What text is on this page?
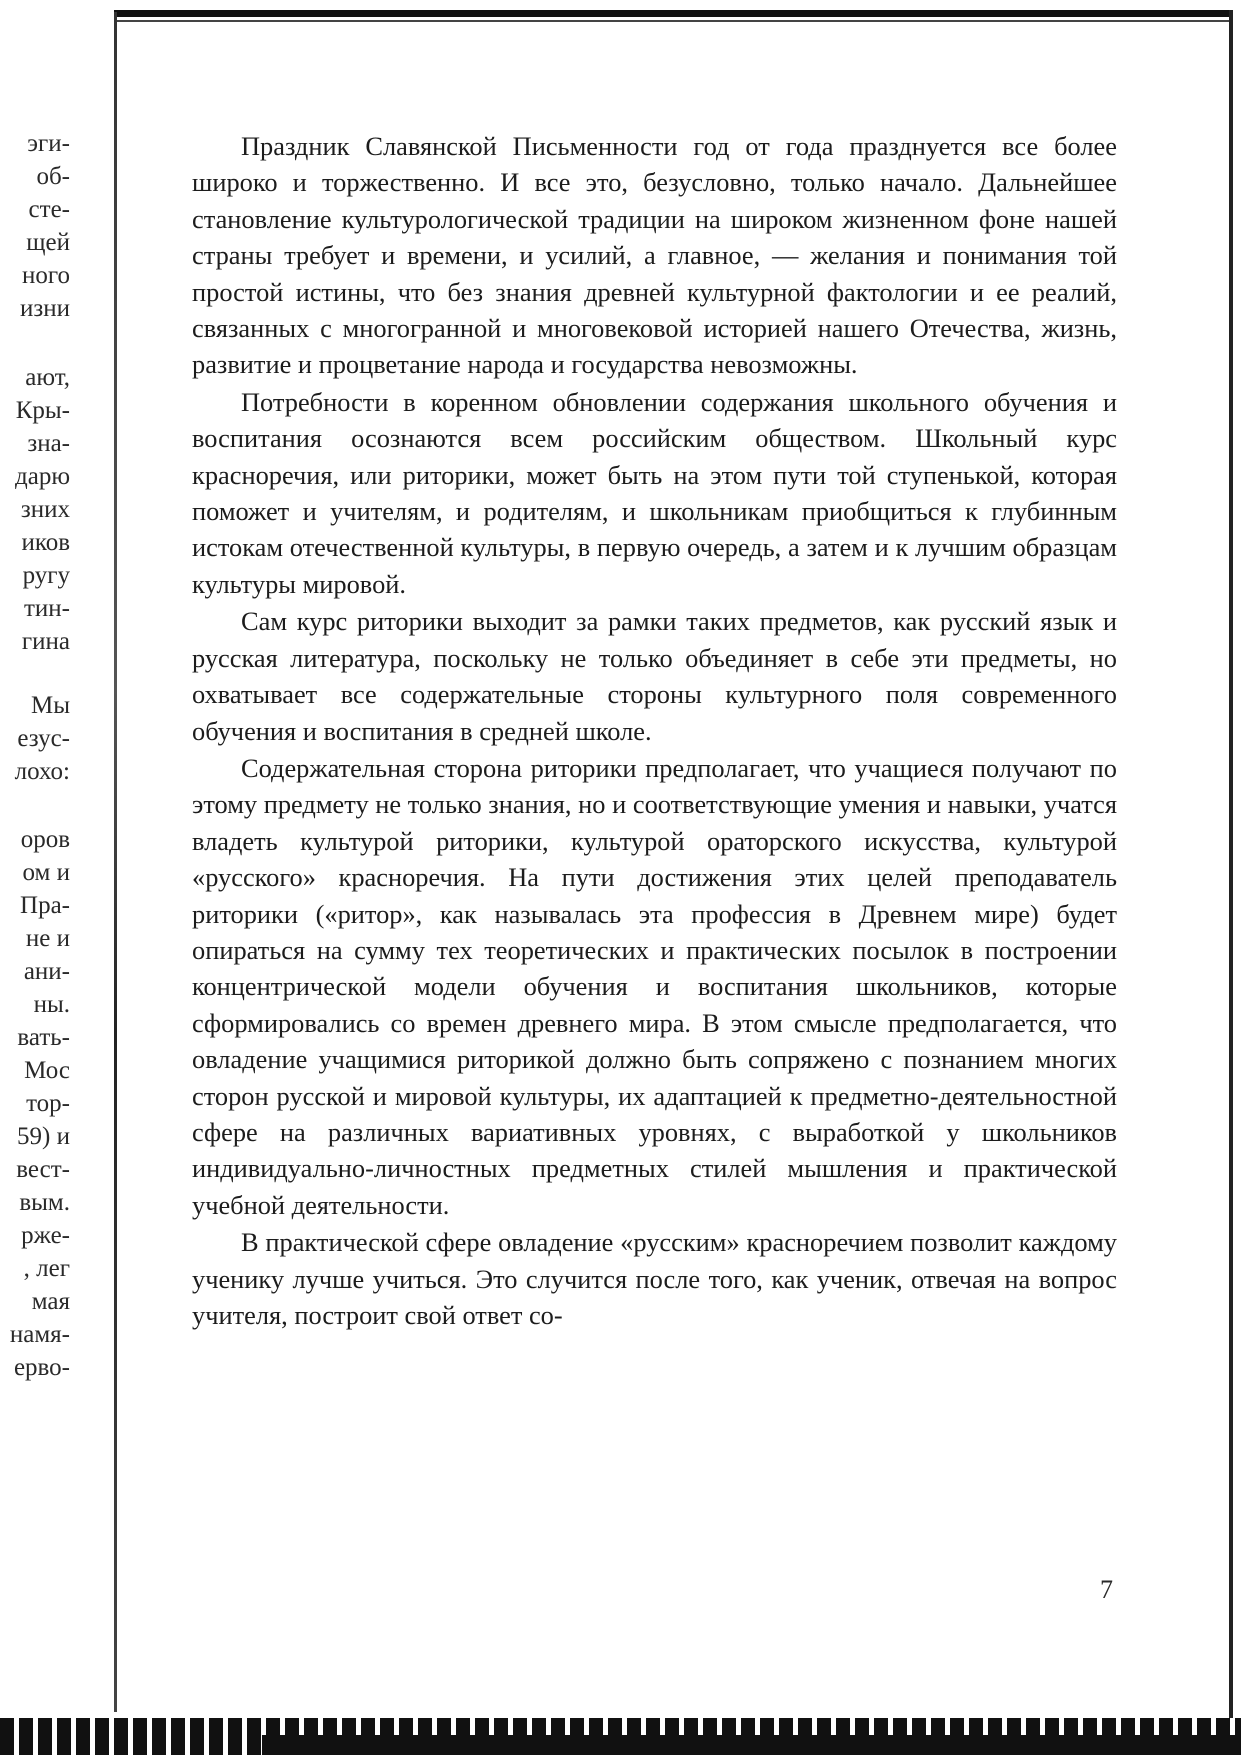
эги-
об-
сте-
щей
ного
изни
ают,
Кры-
зна-
дарю
зних
иков
ругу
тин-
гина
Мы
езус-
лохо:
оров
ом и
Пра-
не и
ани-
ны.
вать-
Мос
тор-
59) и
вест-
вым.
рже-
, лег
мая
намя-
ерво-

Праздник Славянской Письменности год от года празднуется все более широко и торжественно. И все это, безусловно, только начало. Дальнейшее становление культурологической традиции на широком жизненном фоне нашей страны требует и времени, и усилий, а главное, — желания и понимания той простой истины, что без знания древней культурной фактологии и ее реалий, связанных с многогранной и многовековой историей нашего Отечества, жизнь, развитие и процветание народа и государства невозможны.

Потребности в коренном обновлении содержания школьного обучения и воспитания осознаются всем российским обществом. Школьный курс красноречия, или риторики, может быть на этом пути той ступенькой, которая поможет и учителям, и родителям, и школьникам приобщиться к глубинным истокам отечественной культуры, в первую очередь, а затем и к лучшим образцам культуры мировой.

Сам курс риторики выходит за рамки таких предметов, как русский язык и русская литература, поскольку не только объединяет в себе эти предметы, но охватывает все содержательные стороны культурного поля современного обучения и воспитания в средней школе.

Содержательная сторона риторики предполагает, что учащиеся получают по этому предмету не только знания, но и соответствующие умения и навыки, учатся владеть культурой риторики, культурой ораторского искусства, культурой «русского» красноречия. На пути достижения этих целей преподаватель риторики («ритор», как называлась эта профессия в Древнем мире) будет опираться на сумму тех теоретических и практических посылок в построении концентрической модели обучения и воспитания школьников, которые сформировались со времен древнего мира. В этом смысле предполагается, что овладение учащимися риторикой должно быть сопряжено с познанием многих сторон русской и мировой культуры, их адаптацией к предметно-деятельностной сфере на различных вариативных уровнях, с выработкой у школьников индивидуально-личностных предметных стилей мышления и практической учебной деятельности.

В практической сфере овладение «русским» красноречием позволит каждому ученику лучше учиться. Это случится после того, как ученик, отвечая на вопрос учителя, построит свой ответ со-

7
